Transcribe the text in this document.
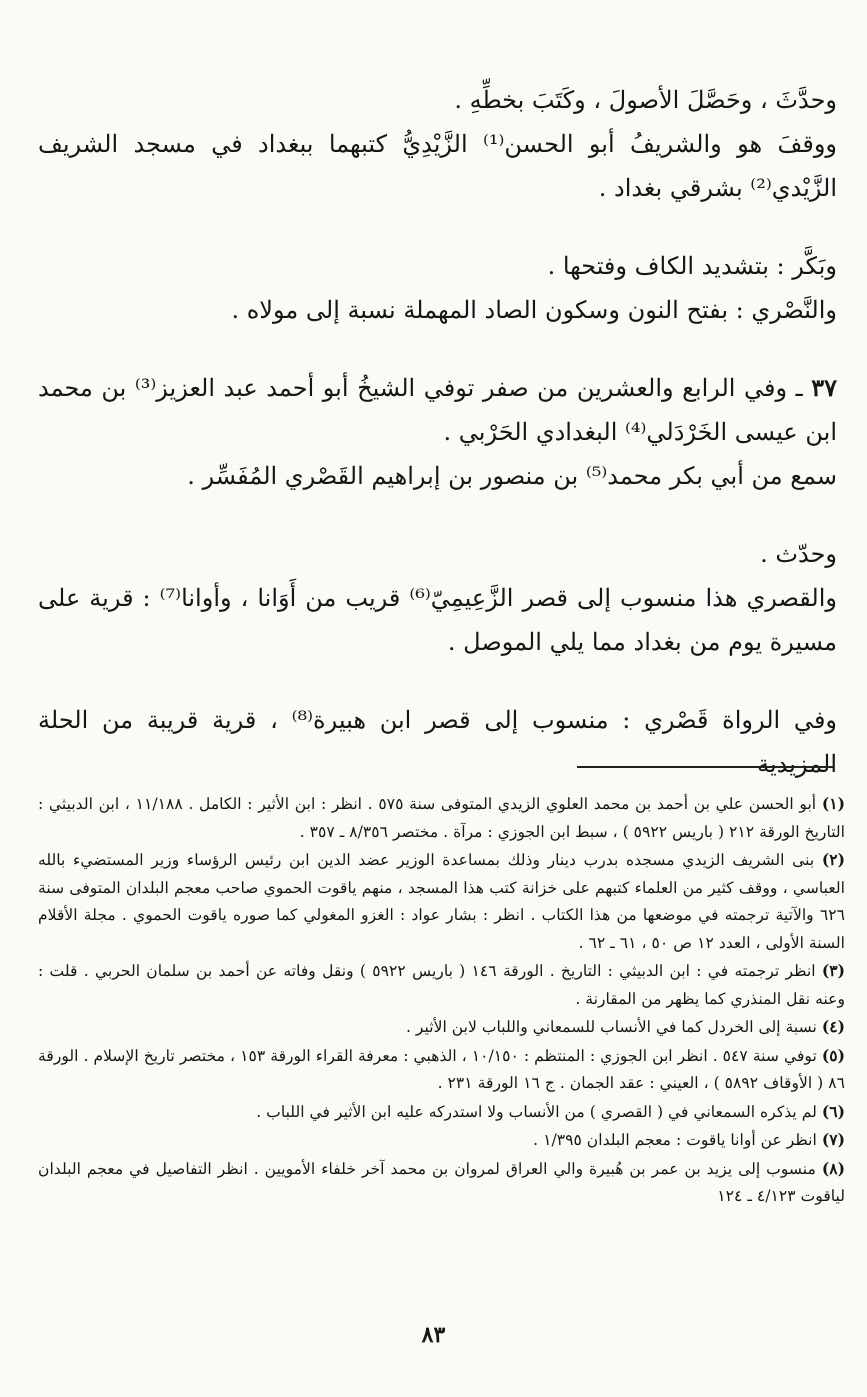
وحدَّثَ ، وحَصَّلَ الأصولَ ، وكَتَبَ بخطِّهِ .

ووقفَ هو والشريفُ أبو الحسن⁽¹⁾ الزَّيْدِيُّ كتبهما ببغداد في مسجد الشريف الزَّيْدي⁽²⁾ بشرقي بغداد .

وبَكَّر : بتشديد الكاف وفتحها .

والنَّصْري : بفتح النون وسكون الصاد المهملة نسبة إلى مولاه .

٣٧ ـ وفي الرابع والعشرين من صفر توفي الشيخُ أبو أحمد عبد العزيز⁽³⁾ بن محمد ابن عيسى الخَرْدَلي⁽⁴⁾ البغدادي الحَرْبي .

سمع من أبي بكر محمد⁽⁵⁾ بن منصور بن إبراهيم القَصْري المُفَسِّر .

وحدّث .

والقصري هذا منسوب إلى قصر الزَّعِيمِيّ⁽⁶⁾ قريب من أَوَانا ، وأوانا⁽⁷⁾ : قرية على مسيرة يوم من بغداد مما يلي الموصل .

وفي الرواة قَصْري : منسوب إلى قصر ابن هبيرة⁽⁸⁾ ، قرية قريبة من الحلة المزيدية

(١) أبو الحسن علي بن أحمد بن محمد العلوي الزيدي المتوفى سنة ٥٧٥ . انظر : ابن الأثير : الكامل . ١١/١٨٨ ، ابن الدبيثي : التاريخ الورقة ٢١٢ ( باريس ٥٩٢٢ ) ، سبط ابن الجوزي : مرآة . مختصر ٨/٣٥٦ ـ ٣٥٧ .

(٢) بنى الشريف الزيدي مسجده بدرب دينار وذلك بمساعدة الوزير عضد الدين ابن رئيس الرؤساء وزير المستضيء بالله العباسي ، ووقف كثير من العلماء كتبهم على خزانة كتب هذا المسجد ، منهم ياقوت الحموي صاحب معجم البلدان المتوفى سنة ٦٢٦ والآتية ترجمته في موضعها من هذا الكتاب . انظر : بشار عواد : الغزو المغولي كما صوره ياقوت الحموي . مجلة الأقلام السنة الأولى ، العدد ١٢ ص ٥٠ ، ٦١ ـ ٦٢ .

(٣) انظر ترجمته في : ابن الدبيثي : التاريخ . الورقة ١٤٦ ( باريس ٥٩٢٢ ) ونقل وفاته عن أحمد بن سلمان الحربي . قلت : وعنه نقل المنذري كما يظهر من المقارنة .

(٤) نسبة إلى الخردل كما في الأنساب للسمعاني واللباب لابن الأثير .

(٥) توفي سنة ٥٤٧ . انظر ابن الجوزي : المنتظم : ١٠/١٥٠ ، الذهبي : معرفة القراء الورقة ١٥٣ ، مختصر تاريخ الإسلام . الورقة ٨٦ ( الأوقاف ٥٨٩٢ ) ، العيني : عقد الجمان . ج ١٦ الورقة ٢٣١ .

(٦) لم يذكره السمعاني في ( القصري ) من الأنساب ولا استدركه عليه ابن الأثير في اللباب .

(٧) انظر عن أوانا ياقوت : معجم البلدان ١/٣٩٥ .

(٨) منسوب إلى يزيد بن عمر بن هُبيرة والي العراق لمروان بن محمد آخر خلفاء الأمويين . انظر التفاصيل في معجم البلدان لياقوت ٤/١٢٣ ـ ١٢٤

٨٣
